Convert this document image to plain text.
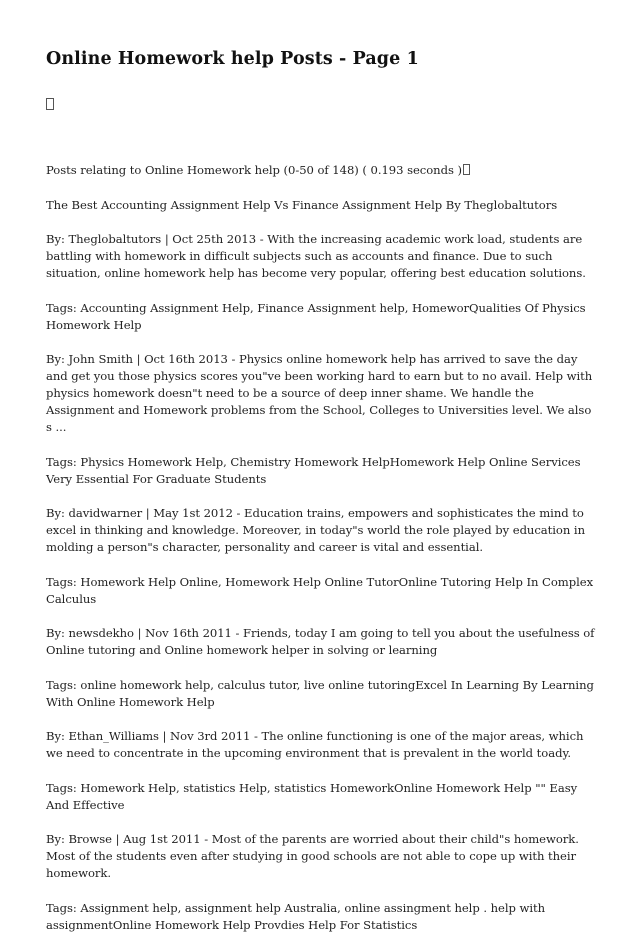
Online Homework help Posts - Page 1

Posts relating to Online Homework help (0-50 of 148) ( 0.193 seconds )

The Best Accounting Assignment Help Vs Finance Assignment Help By Theglobaltutors

By: Theglobaltutors | Oct 25th 2013 - With the increasing academic work load, students are battling with homework in difficult subjects such as accounts and finance. Due to such situation, online homework help has become very popular, offering best education solutions.

Tags: Accounting Assignment Help, Finance Assignment help, HomeworQualities Of Physics Homework Help

By: John Smith | Oct 16th 2013 - Physics online homework help has arrived to save the day and get you those physics scores you"ve been working hard to earn but to no avail. Help with physics homework doesn"t need to be a source of deep inner shame. We handle the Assignment and Homework problems from the School, Colleges to Universities level. We also s ...

Tags: Physics Homework Help, Chemistry Homework HelpHomework Help Online Services Very Essential For Graduate Students

By: davidwarner | May 1st 2012 - Education trains, empowers and sophisticates the mind to excel in thinking and knowledge. Moreover, in today"s world the role played by education in molding a person"s character, personality and career is vital and essential.

Tags: Homework Help Online, Homework Help Online TutorOnline Tutoring Help In Complex Calculus

By: newsdekho | Nov 16th 2011 - Friends, today I am going to tell you about the usefulness of Online tutoring and Online homework helper in solving or learning

Tags: online homework help, calculus tutor, live online tutoringExcel In Learning By Learning With Online Homework Help

By: Ethan_Williams | Nov 3rd 2011 - The online functioning is one of the major areas, which we need to concentrate in the upcoming environment that is prevalent in the world toady.

Tags: Homework Help, statistics Help, statistics HomeworkOnline Homework Help "" Easy And Effective

By: Browse | Aug 1st 2011 - Most of the parents are worried about their child"s homework. Most of the students even after studying in good schools are not able to cope up with their homework.

Tags: Assignment help, assignment help Australia, online assingment help . help with assignmentOnline Homework Help Provdies Help For Statistics
